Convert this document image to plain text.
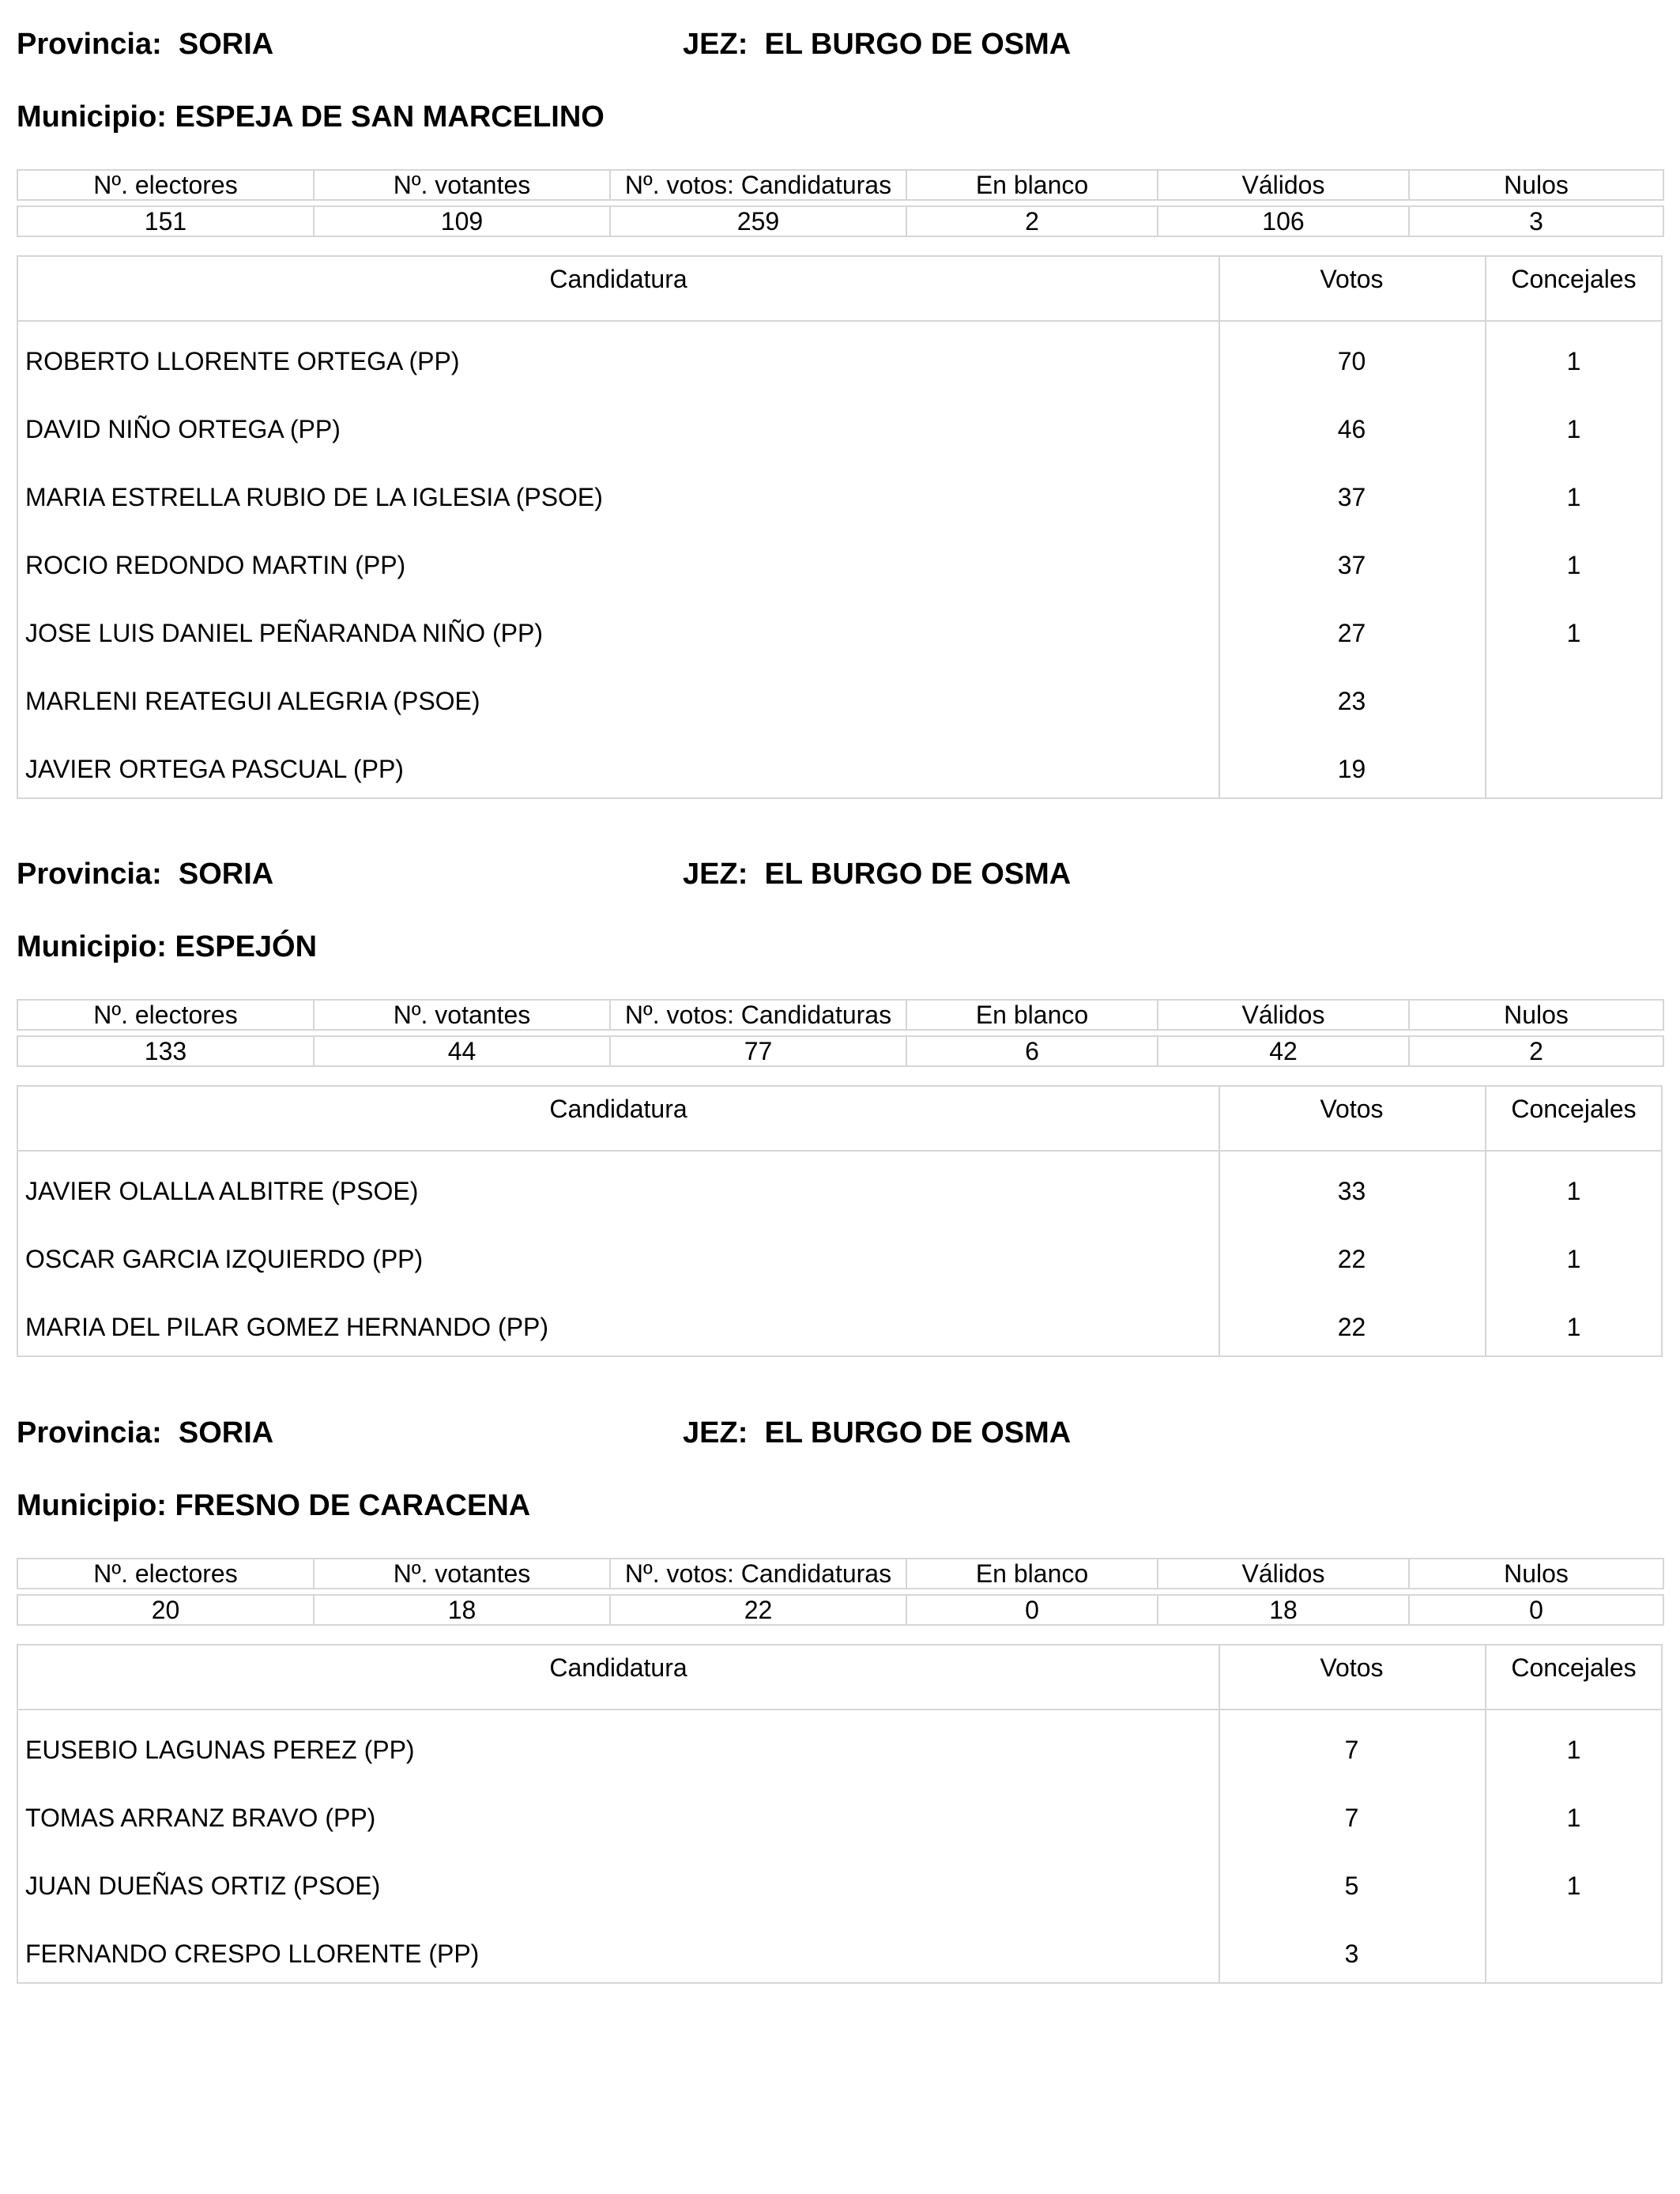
Provincia:  SORIA	JEZ:  EL BURGO DE OSMA
Municipio: ESPEJA DE SAN MARCELINO
Nº. electores	Nº. votantes	Nº. votos: Candidaturas	En blanco	Válidos	Nulos

151	109	259	2	106	3
Candidatura	Votos	Concejales
ROBERTO LLORENTE ORTEGA (PP)	70	1
DAVID NIÑO ORTEGA (PP)	46	1
MARIA ESTRELLA RUBIO DE LA IGLESIA (PSOE)	37	1
ROCIO REDONDO MARTIN (PP)	37	1
JOSE LUIS DANIEL PEÑARANDA NIÑO (PP)	27	1
MARLENI REATEGUI ALEGRIA (PSOE)	23
JAVIER ORTEGA PASCUAL (PP)	19
Provincia:  SORIA	JEZ:  EL BURGO DE OSMA
Municipio: ESPEJÓN
Nº. electores	Nº. votantes	Nº. votos: Candidaturas	En blanco	Válidos	Nulos

133	44	77	6	42	2
Candidatura	Votos	Concejales
JAVIER OLALLA ALBITRE (PSOE)	33	1
OSCAR GARCIA IZQUIERDO (PP)	22	1
MARIA DEL PILAR GOMEZ HERNANDO (PP)	22	1
Provincia:  SORIA	JEZ:  EL BURGO DE OSMA
Municipio: FRESNO DE CARACENA
Nº. electores	Nº. votantes	Nº. votos: Candidaturas	En blanco	Válidos	Nulos

20	18	22	0	18	0
Candidatura	Votos	Concejales
EUSEBIO LAGUNAS PEREZ (PP)	7	1
TOMAS ARRANZ BRAVO (PP)	7	1
JUAN DUEÑAS ORTIZ (PSOE)	5	1
FERNANDO CRESPO LLORENTE (PP)	3
